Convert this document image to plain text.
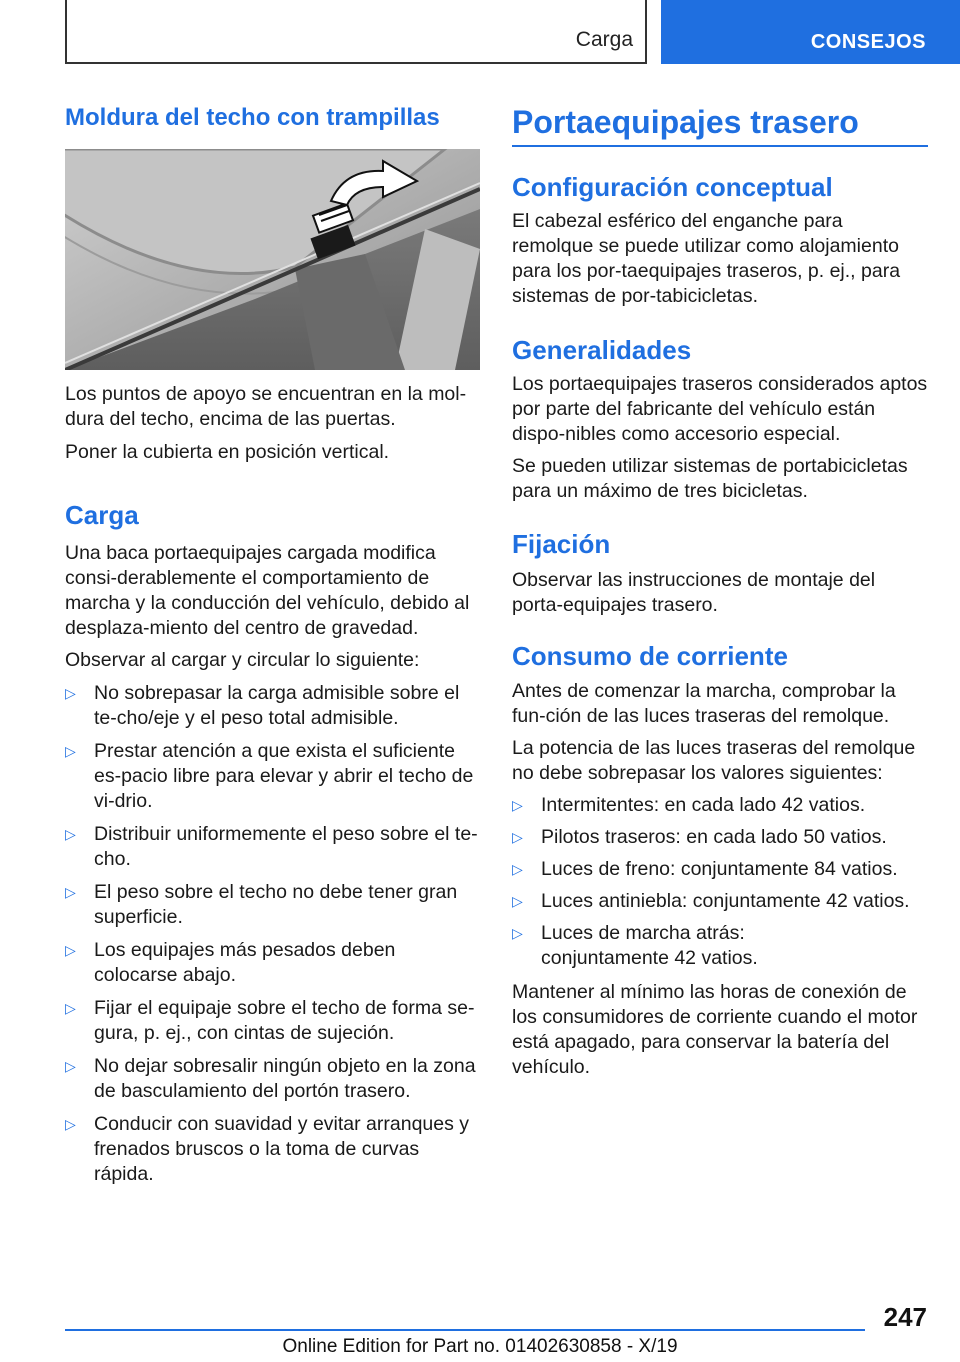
Carga	CONSEJOS
Moldura del techo con trampillas

Los puntos de apoyo se encuentran en la mol-dura del techo, encima de las puertas.

Poner la cubierta en posición vertical.

Carga

Una baca portaequipajes cargada modifica consi-derablemente el comportamiento de marcha y la conducción del vehículo, debido al desplaza-miento del centro de gravedad.

Observar al cargar y circular lo siguiente:

▷ No sobrepasar la carga admisible sobre el te-cho/eje y el peso total admisible.
▷ Prestar atención a que exista el suficiente es-pacio libre para elevar y abrir el techo de vi-drio.
▷ Distribuir uniformemente el peso sobre el te-cho.
▷ El peso sobre el techo no debe tener gran superficie.
▷ Los equipajes más pesados deben colocarse abajo.
▷ Fijar el equipaje sobre el techo de forma se-gura, p. ej., con cintas de sujeción.
▷ No dejar sobresalir ningún objeto en la zona de basculamiento del portón trasero.
▷ Conducir con suavidad y evitar arranques y frenados bruscos o la toma de curvas rápida.
Portaequipajes trasero
Configuración conceptual

El cabezal esférico del enganche para remolque se puede utilizar como alojamiento para los por-taequipajes traseros, p. ej., para sistemas de por-tabicicletas.

Generalidades

Los portaequipajes traseros considerados aptos por parte del fabricante del vehículo están dispo-nibles como accesorio especial.

Se pueden utilizar sistemas de portabicicletas para un máximo de tres bicicletas.

Fijación

Observar las instrucciones de montaje del porta-equipajes trasero.

Consumo de corriente

Antes de comenzar la marcha, comprobar la fun-ción de las luces traseras del remolque.

La potencia de las luces traseras del remolque no debe sobrepasar los valores siguientes:

▷ Intermitentes: en cada lado 42 vatios.
▷ Pilotos traseros: en cada lado 50 vatios.
▷ Luces de freno: conjuntamente 84 vatios.
▷ Luces antiniebla: conjuntamente 42 vatios.
▷ Luces de marcha atrás: conjuntamente 42 vatios.

Mantener al mínimo las horas de conexión de los consumidores de corriente cuando el motor está apagado, para conservar la batería del vehículo.

247
Online Edition for Part no. 01402630858 - X/19
